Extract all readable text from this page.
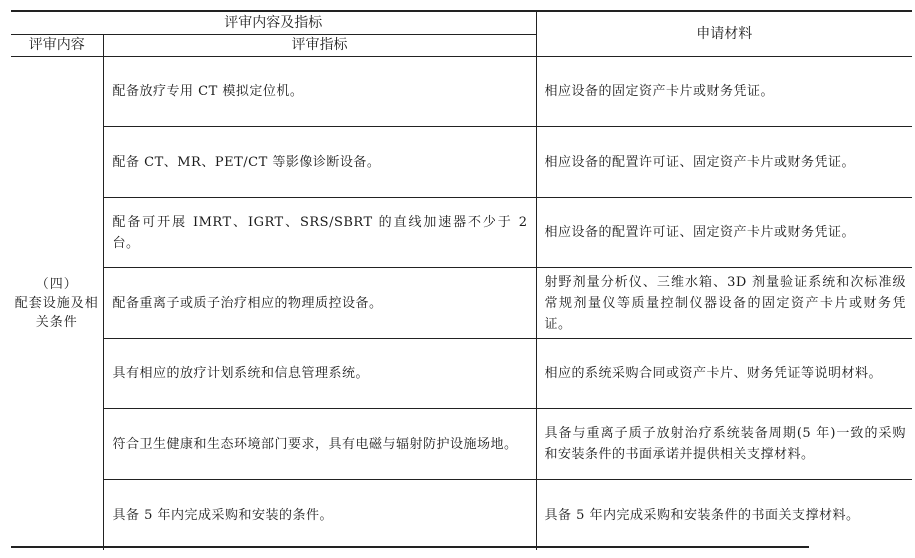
评审内容及指标		申请材料
评审内容	评审指标	

（四）
配套设施及相关条件	配备放疗专用 CT 模拟定位机。	相应设备的固定资产卡片或财务凭证。
	配备 CT、MR、PET/CT 等影像诊断设备。	相应设备的配置许可证、固定资产卡片或财务凭证。
	配备可开展 IMRT、IGRT、SRS/SBRT 的直线加速器不少于 2 台。	相应设备的配置许可证、固定资产卡片或财务凭证。
	配备重离子或质子治疗相应的物理质控设备。	射野剂量分析仪、三维水箱、3D 剂量验证系统和次标准级常规剂量仪等质量控制仪器设备的固定资产卡片或财务凭证。
	具有相应的放疗计划系统和信息管理系统。	相应的系统采购合同或资产卡片、财务凭证等说明材料。
	符合卫生健康和生态环境部门要求，具有电磁与辐射防护设施场地。	具备与重离子质子放射治疗系统装备周期(5 年)一致的采购和安装条件的书面承诺并提供相关支撑材料。
	具备 5 年内完成采购和安装的条件。	具备 5 年内完成采购和安装条件的书面关支撑材料。
